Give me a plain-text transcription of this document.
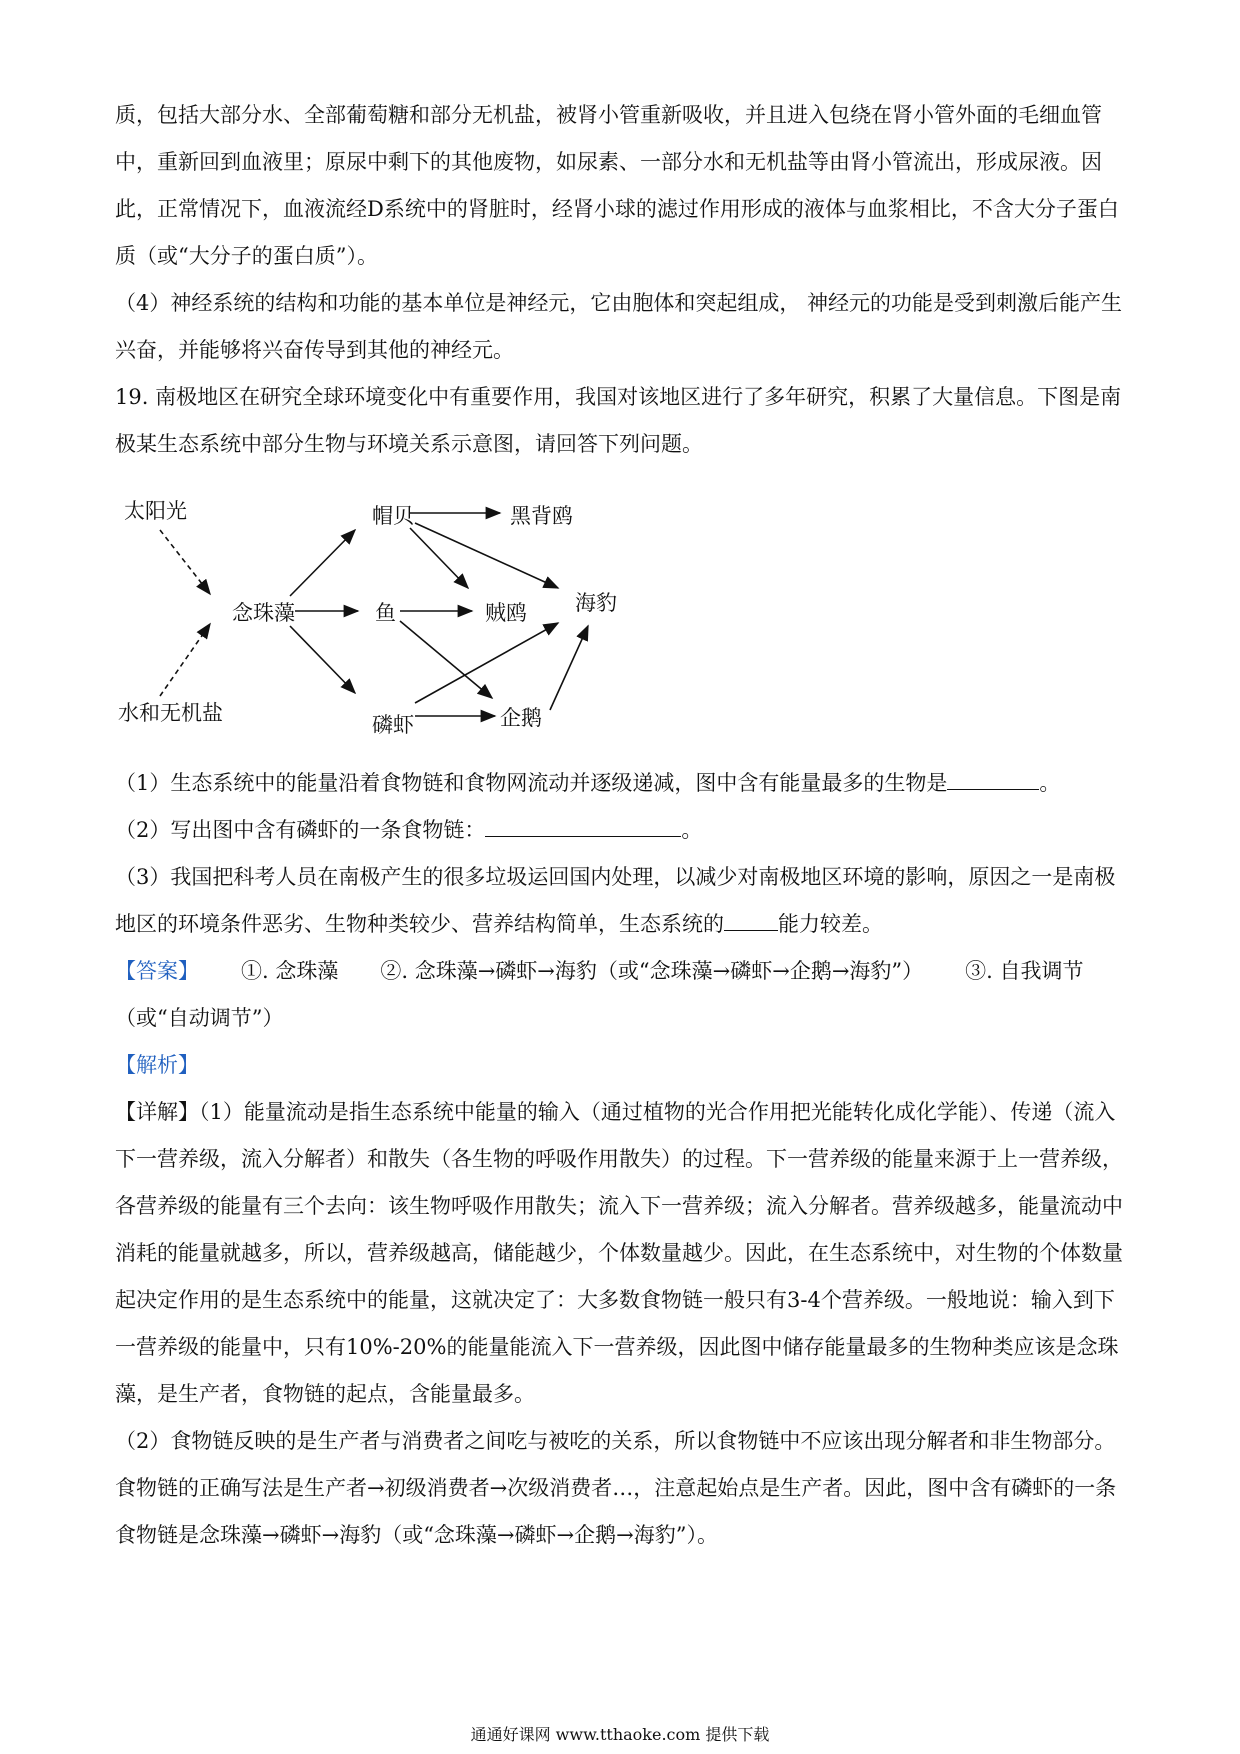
质，包括大部分水、全部葡萄糖和部分无机盐，被肾小管重新吸收，并且进入包绕在肾小管外面的毛细血管中，重新回到血液里；原尿中剩下的其他废物，如尿素、一部分水和无机盐等由肾小管流出，形成尿液。因此，正常情况下，血液流经D系统中的肾脏时，经肾小球的滤过作用形成的液体与血浆相比，不含大分子蛋白质（或“大分子的蛋白质”）。

（4）神经系统的结构和功能的基本单位是神经元，它由胞体和突起组成， 神经元的功能是受到刺激后能产生兴奋，并能够将兴奋传导到其他的神经元。

19. 南极地区在研究全球环境变化中有重要作用，我国对该地区进行了多年研究，积累了大量信息。下图是南极某生态系统中部分生物与环境关系示意图，请回答下列问题。

太阳光
水和无机盐
念珠藻
帽贝
鱼
磷虾
黑背鸥
贼鸥 海豹
企鹅

（1）生态系统中的能量沿着食物链和食物网流动并逐级递减，图中含有能量最多的生物是	。

（2）写出图中含有磷虾的一条食物链：	。

（3）我国把科考人员在南极产生的很多垃圾运回国内处理，以减少对南极地区环境的影响，原因之一是南极地区的环境条件恶劣、生物种类较少、营养结构简单，生态系统的	能力较差。

【答案】 ①. 念珠藻 ②. 念珠藻→磷虾→海豹（或“念珠藻→磷虾→企鹅→海豹”） ③. 自我调节（或“自动调节”）

【解析】

【详解】（1）能量流动是指生态系统中能量的输入（通过植物的光合作用把光能转化成化学能）、传递（流入下一营养级，流入分解者）和散失（各生物的呼吸作用散失）的过程。下一营养级的能量来源于上一营养级，各营养级的能量有三个去向：该生物呼吸作用散失；流入下一营养级；流入分解者。营养级越多，能量流动中消耗的能量就越多，所以，营养级越高，储能越少，个体数量越少。因此，在生态系统中，对生物的个体数量起决定作用的是生态系统中的能量，这就决定了：大多数食物链一般只有3-4个营养级。一般地说：输入到下一营养级的能量中，只有10%-20%的能量能流入下一营养级，因此图中储存能量最多的生物种类应该是念珠藻，是生产者，食物链的起点，含能量最多。

（2）食物链反映的是生产者与消费者之间吃与被吃的关系，所以食物链中不应该出现分解者和非生物部分。食物链的正确写法是生产者→初级消费者→次级消费者…，注意起始点是生产者。因此，图中含有磷虾的一条食物链是念珠藻→磷虾→海豹（或“念珠藻→磷虾→企鹅→海豹”）。

通通好课网 www.tthaoke.com 提供下载
